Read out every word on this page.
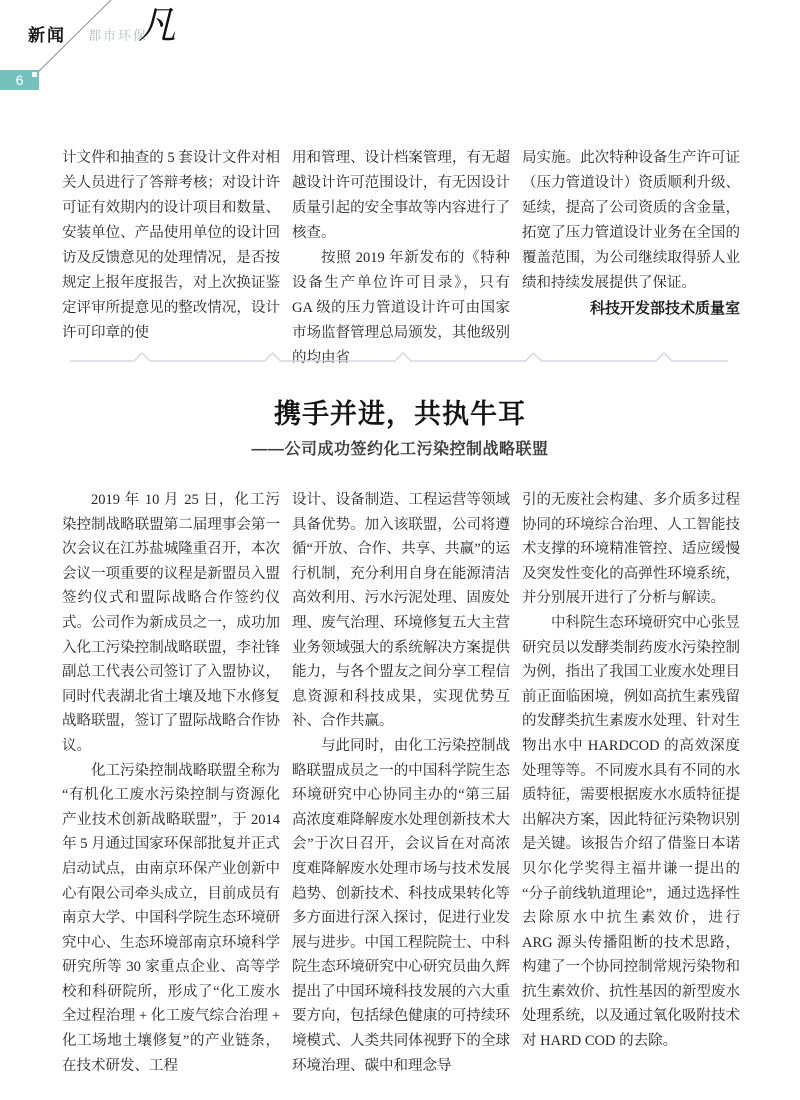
新闻 都市环保
凡
6

计文件和抽查的 5 套设计文件对相关人员进行了答辩考核；对设计许可证有效期内的设计项目和数量、安装单位、产品使用单位的设计回访及反馈意见的处理情况，是否按规定上报年度报告，对上次换证鉴定评审所提意见的整改情况，设计许可印章的使

用和管理、设计档案管理，有无超越设计许可范围设计，有无因设计质量引起的安全事故等内容进行了核查。

按照 2019 年新发布的《特种设备生产单位许可目录》，只有 GA 级的压力管道设计许可由国家市场监督管理总局颁发，其他级别的均由省

局实施。此次特种设备生产许可证（压力管道设计）资质顺利升级、延续，提高了公司资质的含金量，拓宽了压力管道设计业务在全国的覆盖范围，为公司继续取得骄人业绩和持续发展提供了保证。

科技开发部技术质量室

携手并进，共执牛耳
——公司成功签约化工污染控制战略联盟

2019 年 10 月 25 日，化工污染控制战略联盟第二届理事会第一次会议在江苏盐城隆重召开，本次会议一项重要的议程是新盟员入盟签约仪式和盟际战略合作签约仪式。公司作为新成员之一，成功加入化工污染控制战略联盟，李社锋副总工代表公司签订了入盟协议，同时代表湖北省土壤及地下水修复战略联盟，签订了盟际战略合作协议。

化工污染控制战略联盟全称为“有机化工废水污染控制与资源化产业技术创新战略联盟”，于 2014 年 5 月通过国家环保部批复并正式启动试点，由南京环保产业创新中心有限公司牵头成立，目前成员有南京大学、中国科学院生态环境研究中心、生态环境部南京环境科学研究所等 30 家重点企业、高等学校和科研院所，形成了“化工废水全过程治理 + 化工废气综合治理 + 化工场地土壤修复”的产业链条，在技术研发、工程

设计、设备制造、工程运营等领域具备优势。加入该联盟，公司将遵循“开放、合作、共享、共赢”的运行机制，充分利用自身在能源清洁高效利用、污水污泥处理、固废处理、废气治理、环境修复五大主营业务领域强大的系统解决方案提供能力，与各个盟友之间分享工程信息资源和科技成果，实现优势互补、合作共赢。

与此同时，由化工污染控制战略联盟成员之一的中国科学院生态环境研究中心协同主办的“第三届高浓度难降解废水处理创新技术大会”于次日召开，会议旨在对高浓度难降解废水处理市场与技术发展趋势、创新技术、科技成果转化等多方面进行深入探讨，促进行业发展与进步。中国工程院院士、中科院生态环境研究中心研究员曲久辉提出了中国环境科技发展的六大重要方向，包括绿色健康的可持续环境模式、人类共同体视野下的全球环境治理、碳中和理念导

引的无废社会构建、多介质多过程协同的环境综合治理、人工智能技术支撑的环境精准管控、适应缓慢及突发性变化的高弹性环境系统，并分别展开进行了分析与解读。

中科院生态环境研究中心张昱研究员以发酵类制药废水污染控制为例，指出了我国工业废水处理目前正面临困境，例如高抗生素残留的发酵类抗生素废水处理、针对生物出水中 HARDCOD 的高效深度处理等等。不同废水具有不同的水质特征，需要根据废水水质特征提出解决方案，因此特征污染物识别是关键。该报告介绍了借鉴日本诺贝尔化学奖得主福井谦一提出的“分子前线轨道理论”，通过选择性去除原水中抗生素效价，进行 ARG 源头传播阻断的技术思路，构建了一个协同控制常规污染物和抗生素效价、抗性基因的新型废水处理系统，以及通过氧化吸附技术对 HARD COD 的去除。
